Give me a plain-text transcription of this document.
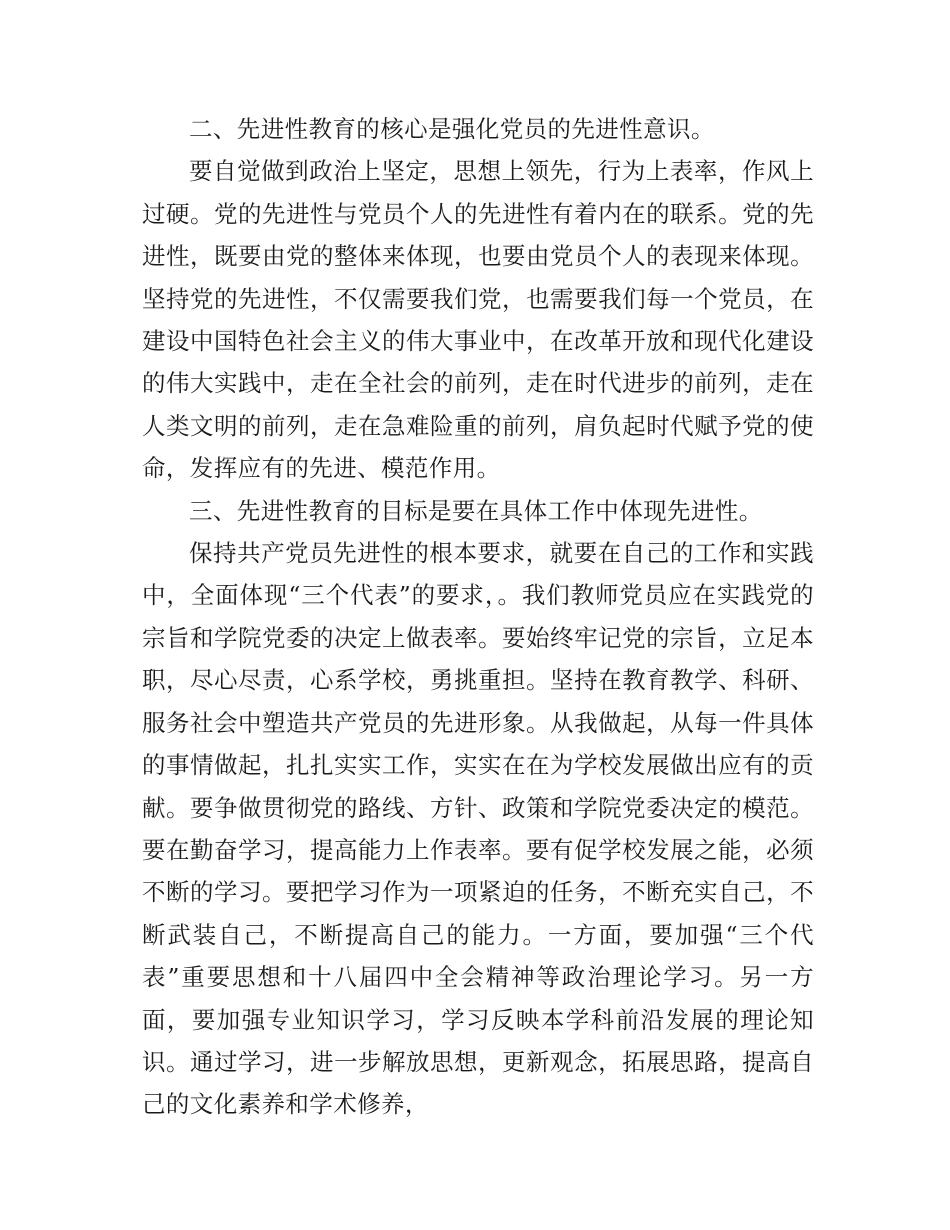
二、先进性教育的核心是强化党员的先进性意识。

要自觉做到政治上坚定，思想上领先，行为上表率，作风上过硬。党的先进性与党员个人的先进性有着内在的联系。党的先进性，既要由党的整体来体现，也要由党员个人的表现来体现。坚持党的先进性，不仅需要我们党，也需要我们每一个党员，在建设中国特色社会主义的伟大事业中，在改革开放和现代化建设的伟大实践中，走在全社会的前列，走在时代进步的前列，走在人类文明的前列，走在急难险重的前列，肩负起时代赋予党的使命，发挥应有的先进、模范作用。

三、先进性教育的目标是要在具体工作中体现先进性。

保持共产党员先进性的根本要求，就要在自己的工作和实践中，全面体现“三个代表”的要求，。我们教师党员应在实践党的宗旨和学院党委的决定上做表率。要始终牢记党的宗旨，立足本职，尽心尽责，心系学校，勇挑重担。坚持在教育教学、科研、服务社会中塑造共产党员的先进形象。从我做起，从每一件具体的事情做起，扎扎实实工作，实实在在为学校发展做出应有的贡献。要争做贯彻党的路线、方针、政策和学院党委决定的模范。要在勤奋学习，提高能力上作表率。要有促学校发展之能，必须不断的学习。要把学习作为一项紧迫的任务，不断充实自己，不断武装自己，不断提高自己的能力。一方面，要加强“三个代表”重要思想和十八届四中全会精神等政治理论学习。另一方面，要加强专业知识学习，学习反映本学科前沿发展的理论知识。通过学习，进一步解放思想，更新观念，拓展思路，提高自己的文化素养和学术修养，
